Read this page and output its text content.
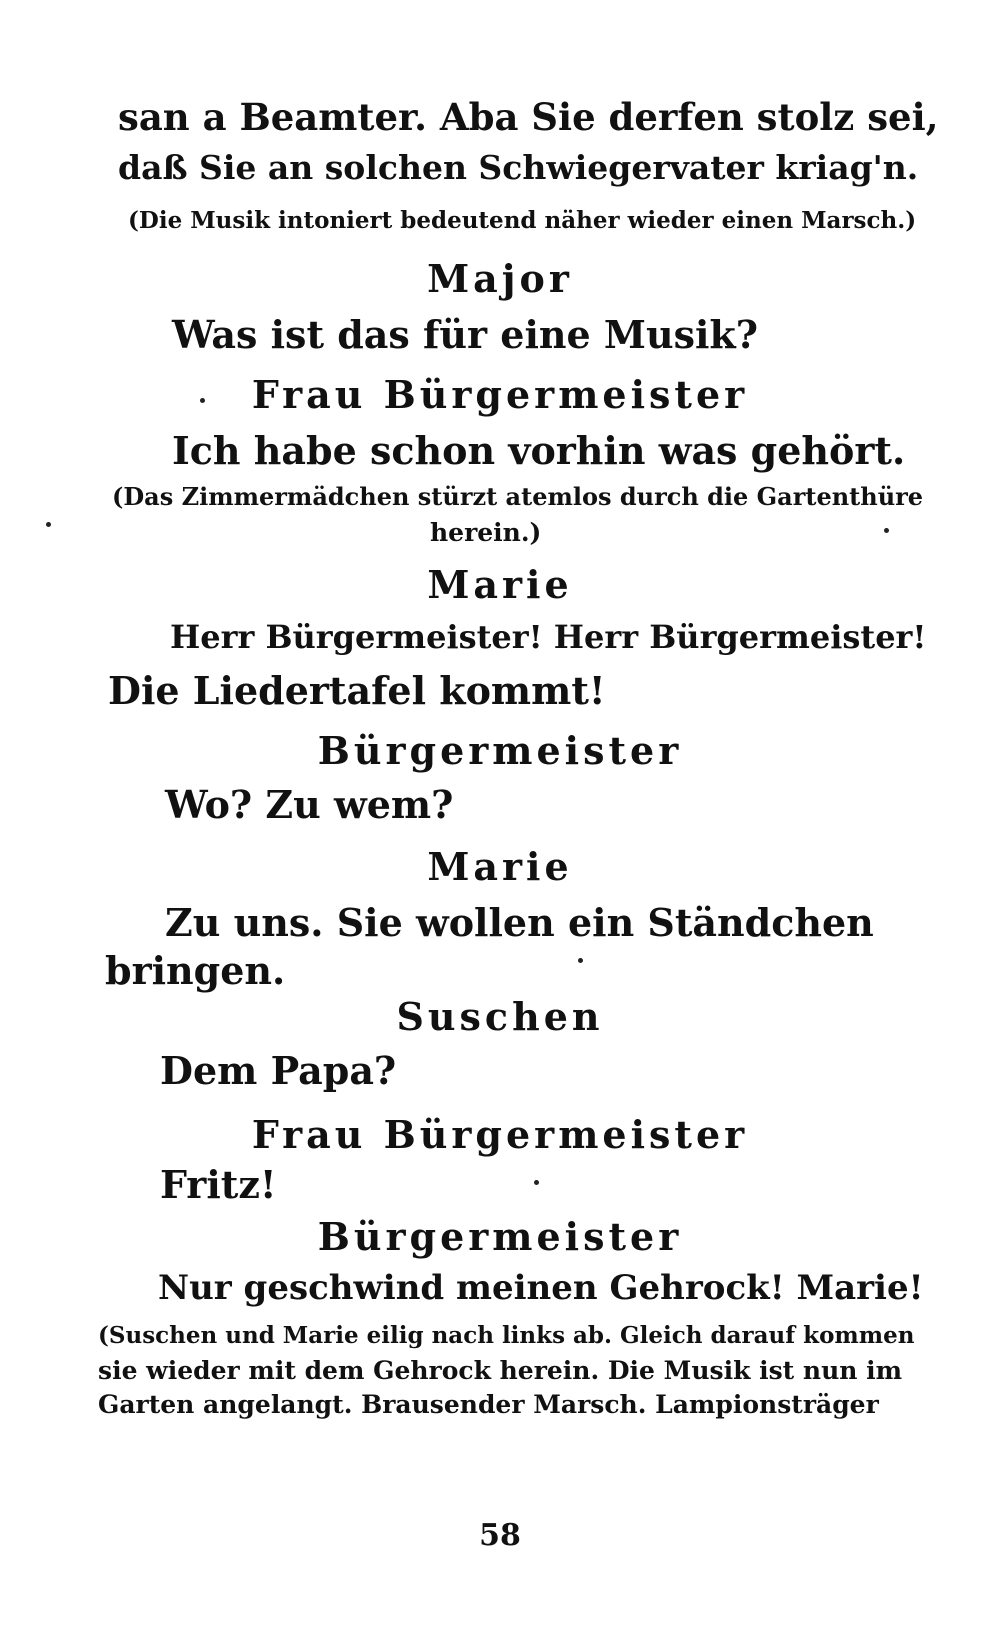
san a Beamter. Aba Sie derfen stolz sei,
daß Sie an solchen Schwiegervater kriag'n.
(Die Musik intoniert bedeutend näher wieder einen Marsch.)
Major
Was ist das für eine Musik?
Frau Bürgermeister
Ich habe schon vorhin was gehört.
(Das Zimmermädchen stürzt atemlos durch die Gartenthüre
herein.)
Marie
Herr Bürgermeister! Herr Bürgermeister!
Die Liedertafel kommt!
Bürgermeister
Wo? Zu wem?
Marie
Zu uns. Sie wollen ein Ständchen
bringen.
Suschen
Dem Papa?
Frau Bürgermeister
Fritz!
Bürgermeister
Nur geschwind meinen Gehrock! Marie!
(Suschen und Marie eilig nach links ab. Gleich darauf kommen
sie wieder mit dem Gehrock herein. Die Musik ist nun im
Garten angelangt. Brausender Marsch. Lampionsträger
58
